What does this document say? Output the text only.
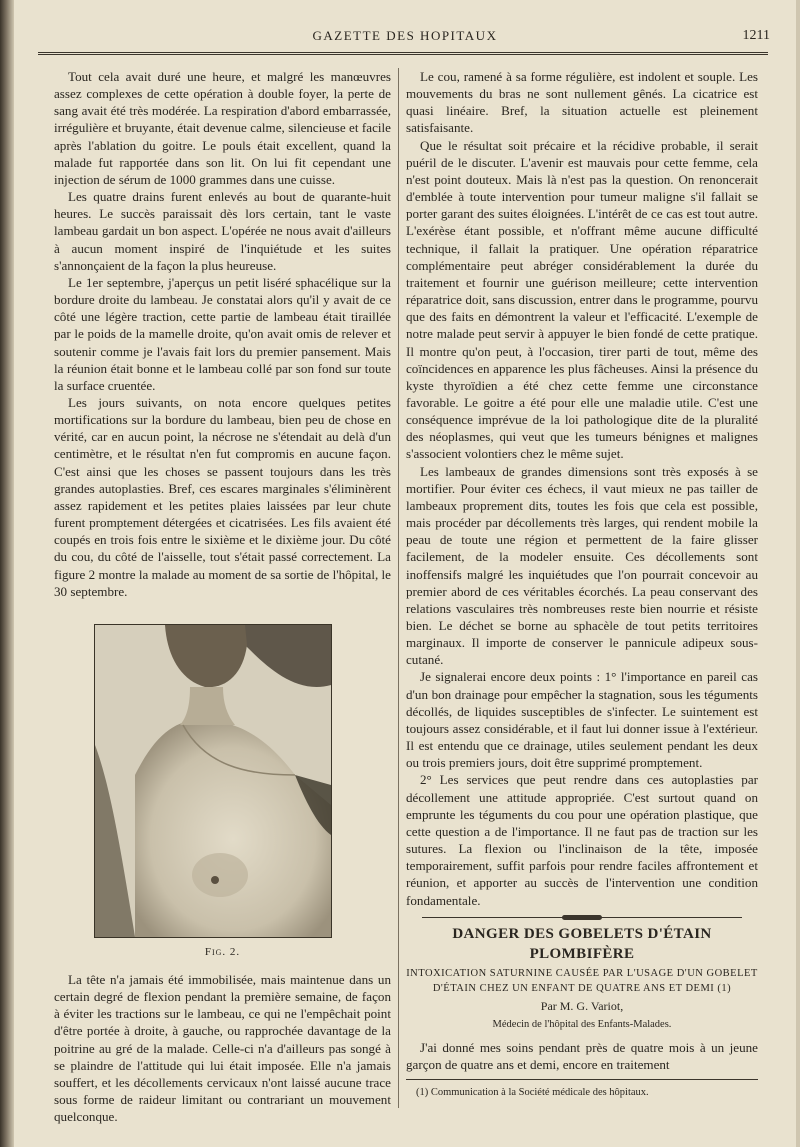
GAZETTE DES HOPITAUX	1211

Tout cela avait duré une heure, et malgré les manœuvres assez complexes de cette opération à double foyer, la perte de sang avait été très modérée. La respiration d'abord embarrassée, irrégulière et bruyante, était devenue calme, silencieuse et facile après l'ablation du goitre. Le pouls était excellent, quand la malade fut rapportée dans son lit. On lui fit cependant une injection de sérum de 1000 grammes dans une cuisse.

Les quatre drains furent enlevés au bout de quarante-huit heures. Le succès paraissait dès lors certain, tant le vaste lambeau gardait un bon aspect. L'opérée ne nous avait d'ailleurs à aucun moment inspiré de l'inquiétude et les suites s'annonçaient de la façon la plus heureuse.

Le 1er septembre, j'aperçus un petit liséré sphacélique sur la bordure droite du lambeau. Je constatai alors qu'il y avait de ce côté une légère traction, cette partie de lambeau était tiraillée par le poids de la mamelle droite, qu'on avait omis de relever et soutenir comme je l'avais fait lors du premier pansement. Mais la réunion était bonne et le lambeau collé par son fond sur toute la surface cruentée.

Les jours suivants, on nota encore quelques petites mortifications sur la bordure du lambeau, bien peu de chose en vérité, car en aucun point, la nécrose ne s'étendait au delà d'un centimètre, et le résultat n'en fut compromis en aucune façon. C'est ainsi que les choses se passent toujours dans les très grandes autoplasties. Bref, ces escares marginales s'éliminèrent assez rapidement et les petites plaies laissées par leur chute furent promptement détergées et cicatrisées. Les fils avaient été coupés en trois fois entre le sixième et le dixième jour. Du côté du cou, du côté de l'aisselle, tout s'était passé correctement. La figure 2 montre la malade au moment de sa sortie de l'hôpital, le 30 septembre.

Fig. 2.

La tête n'a jamais été immobilisée, mais maintenue dans un certain degré de flexion pendant la première semaine, de façon à éviter les tractions sur le lambeau, ce qui ne l'empêchait point d'être portée à droite, à gauche, ou rapprochée davantage de la poitrine au gré de la malade. Celle-ci n'a d'ailleurs pas songé à se plaindre de l'attitude qui lui était imposée. Elle n'a jamais souffert, et les décollements cervicaux n'ont laissé aucune trace sous forme de raideur limitant ou contrariant un mouvement quelconque.

Le cou, ramené à sa forme régulière, est indolent et souple. Les mouvements du bras ne sont nullement gênés. La cicatrice est quasi linéaire. Bref, la situation actuelle est pleinement satisfaisante.

Que le résultat soit précaire et la récidive probable, il serait puéril de le discuter. L'avenir est mauvais pour cette femme, cela n'est point douteux. Mais là n'est pas la question. On renoncerait d'emblée à toute intervention pour tumeur maligne s'il fallait se porter garant des suites éloignées. L'intérêt de ce cas est tout autre. L'exérèse étant possible, et n'offrant même aucune difficulté technique, il fallait la pratiquer. Une opération réparatrice complémentaire peut abréger considérablement la durée du traitement et fournir une guérison meilleure; cette intervention réparatrice doit, sans discussion, entrer dans le programme, pourvu que des faits en démontrent la valeur et l'efficacité. L'exemple de notre malade peut servir à appuyer le bien fondé de cette pratique. Il montre qu'on peut, à l'occasion, tirer parti de tout, même des coïncidences en apparence les plus fâcheuses. Ainsi la présence du kyste thyroïdien a été chez cette femme une circonstance favorable. Le goitre a été pour elle une maladie utile. C'est une conséquence imprévue de la loi pathologique dite de la pluralité des néoplasmes, qui veut que les tumeurs bénignes et malignes s'associent volontiers chez le même sujet.

Les lambeaux de grandes dimensions sont très exposés à se mortifier. Pour éviter ces échecs, il vaut mieux ne pas tailler de lambeaux proprement dits, toutes les fois que cela est possible, mais procéder par décollements très larges, qui rendent mobile la peau de toute une région et permettent de la faire glisser facilement, de la modeler ensuite. Ces décollements sont inoffensifs malgré les inquiétudes que l'on pourrait concevoir au premier abord de ces véritables écorchés. La peau conservant des relations vasculaires très nombreuses reste bien nourrie et résiste bien. Le déchet se borne au sphacèle de tout petits territoires marginaux. Il importe de conserver le pannicule adipeux sous-cutané.

Je signalerai encore deux points : 1° l'importance en pareil cas d'un bon drainage pour empêcher la stagnation, sous les téguments décollés, de liquides susceptibles de s'infecter. Le suintement est toujours assez considérable, et il faut lui donner issue à l'extérieur. Il est entendu que ce drainage, utiles seulement pendant les deux ou trois premiers jours, doit être supprimé promptement.

2° Les services que peut rendre dans ces autoplasties par décollement une attitude appropriée. C'est surtout quand on emprunte les téguments du cou pour une opération plastique, que cette question a de l'importance. Il ne faut pas de traction sur les sutures. La flexion ou l'inclinaison de la tête, imposée temporairement, suffit parfois pour rendre faciles affrontement et réunion, et apporter au succès de l'intervention une condition fondamentale.

DANGER DES GOBELETS D'ÉTAIN PLOMBIFÈRE
INTOXICATION SATURNINE CAUSÉE PAR L'USAGE D'UN GOBELET D'ÉTAIN CHEZ UN ENFANT DE QUATRE ANS ET DEMI (1)
Par M. G. Variot,
Médecin de l'hôpital des Enfants-Malades.

J'ai donné mes soins pendant près de quatre mois à un jeune garçon de quatre ans et demi, encore en traitement

(1) Communication à la Société médicale des hôpitaux.
